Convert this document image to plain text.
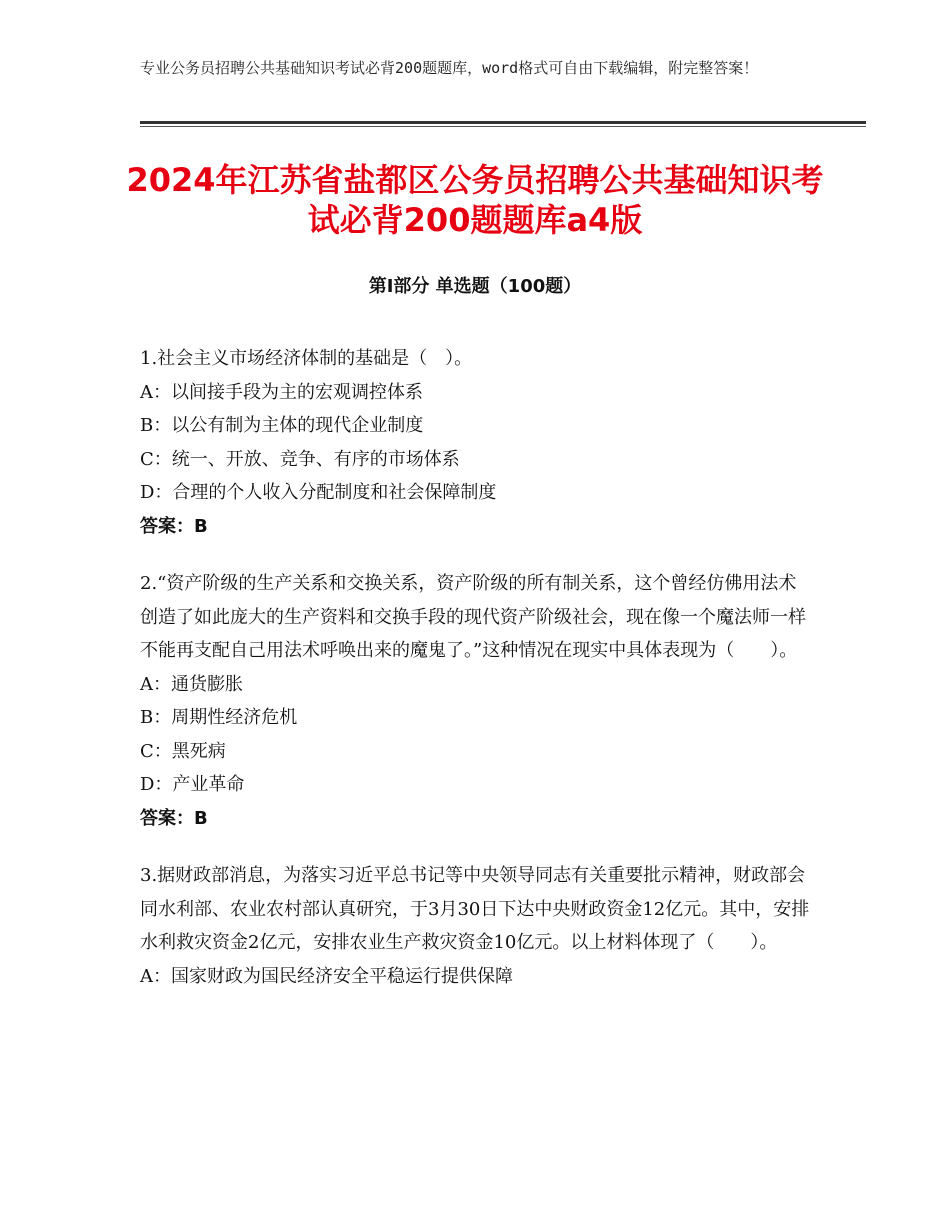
专业公务员招聘公共基础知识考试必背200题题库，word格式可自由下载编辑，附完整答案！
2024年江苏省盐都区公务员招聘公共基础知识考试必背200题题库a4版
第Ⅰ部分 单选题（100题）

1.社会主义市场经济体制的基础是（　）。

A：以间接手段为主的宏观调控体系

B：以公有制为主体的现代企业制度

C：统一、开放、竞争、有序的市场体系

D：合理的个人收入分配制度和社会保障制度

答案：B

2.“资产阶级的生产关系和交换关系，资产阶级的所有制关系，这个曾经仿佛用法术创造了如此庞大的生产资料和交换手段的现代资产阶级社会，现在像一个魔法师一样不能再支配自己用法术呼唤出来的魔鬼了。”这种情况在现实中具体表现为（　　）。

A：通货膨胀

B：周期性经济危机

C：黑死病

D：产业革命

答案：B

3.据财政部消息，为落实习近平总书记等中央领导同志有关重要批示精神，财政部会同水利部、农业农村部认真研究，于3月30日下达中央财政资金12亿元。其中，安排水利救灾资金2亿元，安排农业生产救灾资金10亿元。以上材料体现了（　　）。

A：国家财政为国民经济安全平稳运行提供保障
